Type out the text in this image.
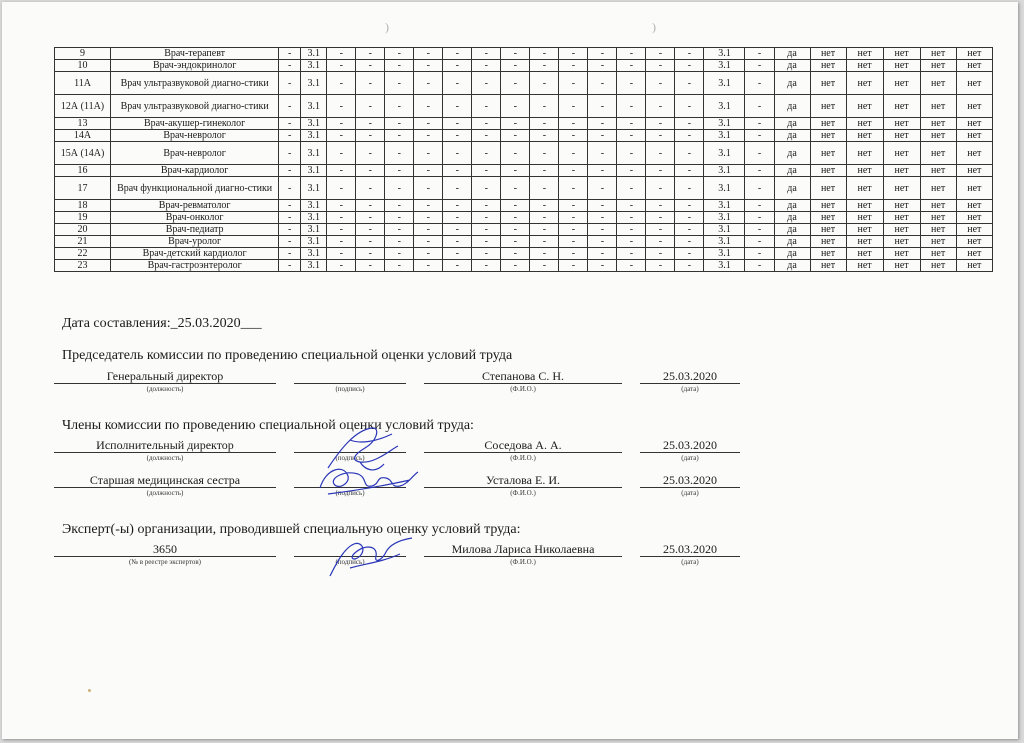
)	)
9	Врач-терапевт	-	3.1	-	-	-	-	-	-	-	-	-	-	-	-	-	3.1	-	да	нет	нет	нет	нет	нет
10	Врач-эндокринолог	-	3.1	-	-	-	-	-	-	-	-	-	-	-	-	-	3.1	-	да	нет	нет	нет	нет	нет
11А	Врач ультразвуковой диагно-стики	-	3.1	-	-	-	-	-	-	-	-	-	-	-	-	-	3.1	-	да	нет	нет	нет	нет	нет
12А (11А)	Врач ультразвуковой диагно-стики	-	3.1	-	-	-	-	-	-	-	-	-	-	-	-	-	3.1	-	да	нет	нет	нет	нет	нет
13	Врач-акушер-гинеколог	-	3.1	-	-	-	-	-	-	-	-	-	-	-	-	-	3.1	-	да	нет	нет	нет	нет	нет
14А	Врач-невролог	-	3.1	-	-	-	-	-	-	-	-	-	-	-	-	-	3.1	-	да	нет	нет	нет	нет	нет
15А (14А)	Врач-невролог	-	3.1	-	-	-	-	-	-	-	-	-	-	-	-	-	3.1	-	да	нет	нет	нет	нет	нет
16	Врач-кардиолог	-	3.1	-	-	-	-	-	-	-	-	-	-	-	-	-	3.1	-	да	нет	нет	нет	нет	нет
17	Врач функциональной диагно-стики	-	3.1	-	-	-	-	-	-	-	-	-	-	-	-	-	3.1	-	да	нет	нет	нет	нет	нет
18	Врач-ревматолог	-	3.1	-	-	-	-	-	-	-	-	-	-	-	-	-	3.1	-	да	нет	нет	нет	нет	нет
19	Врач-онколог	-	3.1	-	-	-	-	-	-	-	-	-	-	-	-	-	3.1	-	да	нет	нет	нет	нет	нет
20	Врач-педиатр	-	3.1	-	-	-	-	-	-	-	-	-	-	-	-	-	3.1	-	да	нет	нет	нет	нет	нет
21	Врач-уролог	-	3.1	-	-	-	-	-	-	-	-	-	-	-	-	-	3.1	-	да	нет	нет	нет	нет	нет
22	Врач-детский кардиолог	-	3.1	-	-	-	-	-	-	-	-	-	-	-	-	-	3.1	-	да	нет	нет	нет	нет	нет
23	Врач-гастроэнтеролог	-	3.1	-	-	-	-	-	-	-	-	-	-	-	-	-	3.1	-	да	нет	нет	нет	нет	нет
Дата составления:_25.03.2020___
Председатель комиссии по проведению специальной оценки условий труда
Генеральный директор
(должность)	(подпись)
Степанова С. Н.
(Ф.И.О.)
25.03.2020
(дата)
Члены комиссии по проведению специальной оценки условий труда:
Исполнительный директор
(должность)	(подпись)
Соседова А. А.
(Ф.И.О.)
25.03.2020
(дата)
Старшая медицинская сестра
(должность)	(подпись)
Усталова Е. И.
(Ф.И.О.)
25.03.2020
(дата)
Эксперт(-ы) организации, проводившей специальную оценку условий труда:
3650
(№ в реестре экспертов)	(подпись)
Милова Лариса Николаевна
(Ф.И.О.)
25.03.2020
(дата)
